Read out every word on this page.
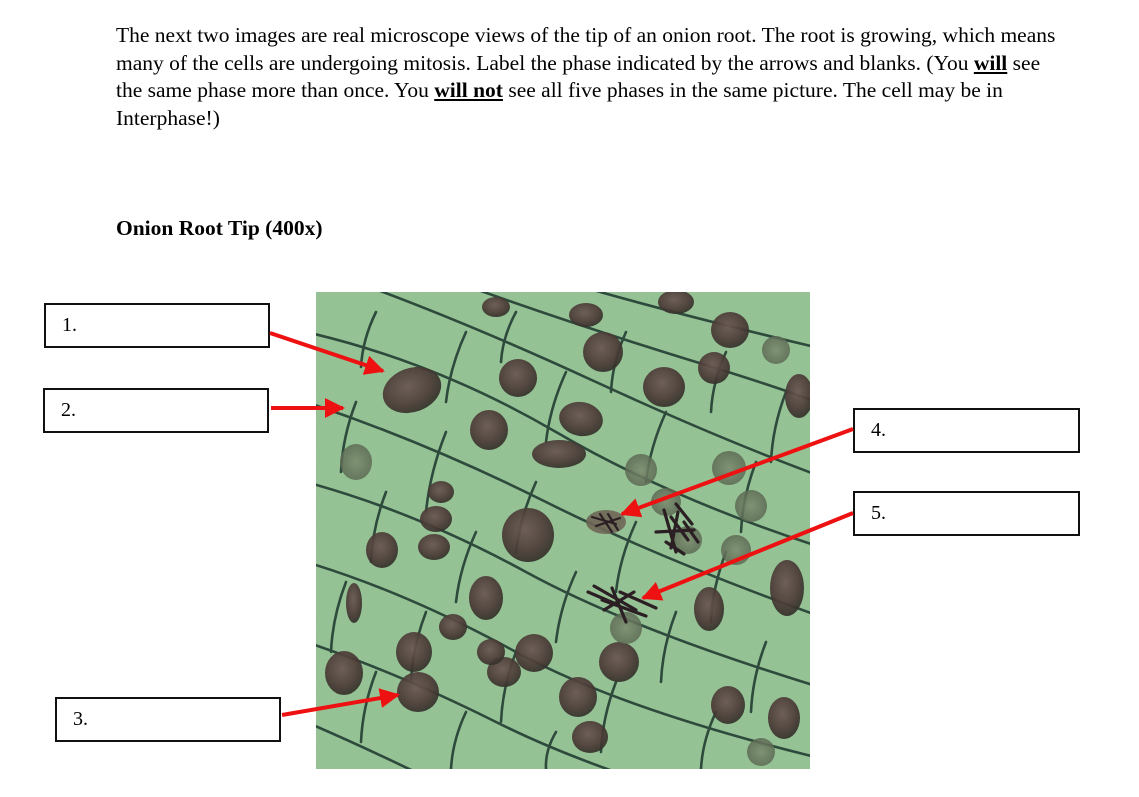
The next two images are real microscope views of the tip of an onion root. The root is growing, which means many of the cells are undergoing mitosis. Label the phase indicated by the arrows and blanks. (You will see the same phase more than once. You will not see all five phases in the same picture. The cell may be in Interphase!)

Onion Root Tip (400x)

1.
2.
3.
4.
5.
